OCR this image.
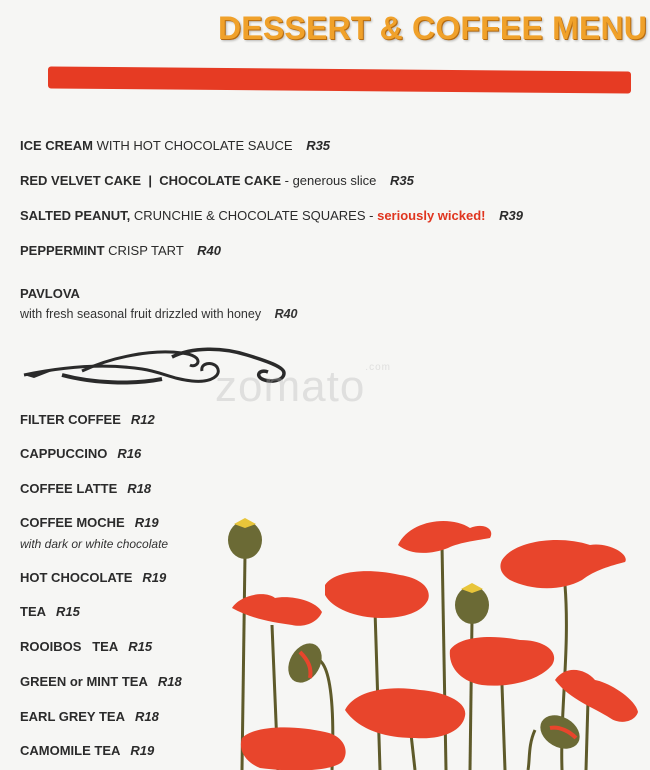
DESSERT & COFFEE MENU
ICE CREAM WITH HOT CHOCOLATE SAUCE R35
RED VELVET CAKE  |  CHOCOLATE CAKE - generous slice R35
SALTED PEANUT, CRUNCHIE & CHOCOLATE SQUARES - seriously wicked! R39
PEPPERMINT CRISP TART R40
PAVLOVA
with fresh seasonal fruit drizzled with honey R40
zomato$^{.com}$
FILTER COFFEE R12
CAPPUCCINO R16
COFFEE LATTE R18
COFFEE MOCHE R19
with dark or white chocolate
HOT CHOCOLATE R19
TEA R15
ROOIBOS   TEA R15
GREEN or MINT TEA R18
EARL GREY TEA R18
CAMOMILE TEA R19
